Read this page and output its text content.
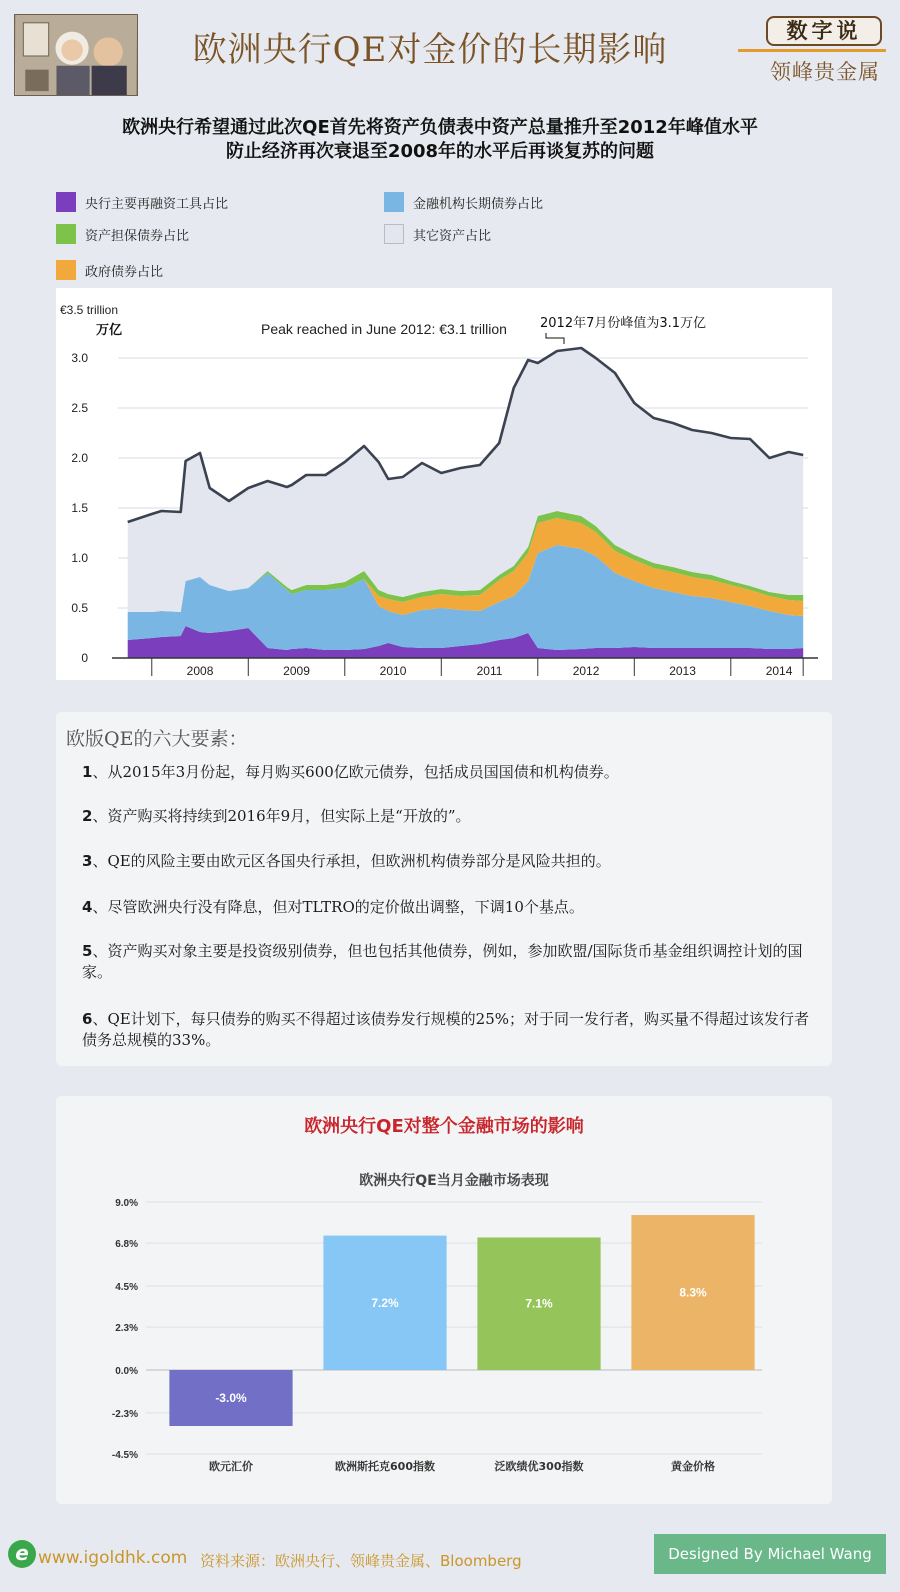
欧洲央行QE对金价的长期影响	数字说
领峰贵金属
欧洲央行希望通过此次QE首先将资产负债表中资产总量推升至2012年峰值水平
防止经济再次衰退至2008年的水平后再谈复苏的问题
央行主要再融资工具占比	金融机构长期债券占比
资产担保债券占比	其它资产占比
政府债券占比
€3.5 trillion
万亿	Peak reached in June 2012: €3.1 trillion	2012年7月份峰值为3.1万亿
0
0.5
1.0
1.5
2.0
2.5
3.0
2008	2009	2010	2011	2012	2013	2014
欧版QE的六大要素：
1、从2015年3月份起，每月购买600亿欧元债券，包括成员国国债和机构债券。
2、资产购买将持续到2016年9月，但实际上是“开放的”。
3、QE的风险主要由欧元区各国央行承担，但欧洲机构债券部分是风险共担的。
4、尽管欧洲央行没有降息，但对TLTRO的定价做出调整，下调10个基点。
5、资产购买对象主要是投资级别债券，但也包括其他债券，例如，参加欧盟/国际货币基金组织调控计划的国家。
6、QE计划下，每只债券的购买不得超过该债券发行规模的25%；对于同一发行者，购买量不得超过该发行者债务总规模的33%。
欧洲央行QE对整个金融市场的影响
欧洲央行QE当月金融市场表现
-4.5%
-2.3%
0.0%
2.3%
4.5%
6.8%
9.0%
-3.0%
欧元汇价
7.2%
欧洲斯托克600指数
7.1%
泛欧绩优300指数
8.3%
黄金价格
e www.igoldhk.com 资料来源：欧洲央行、领峰贵金属、Bloomberg	Designed By Michael Wang
